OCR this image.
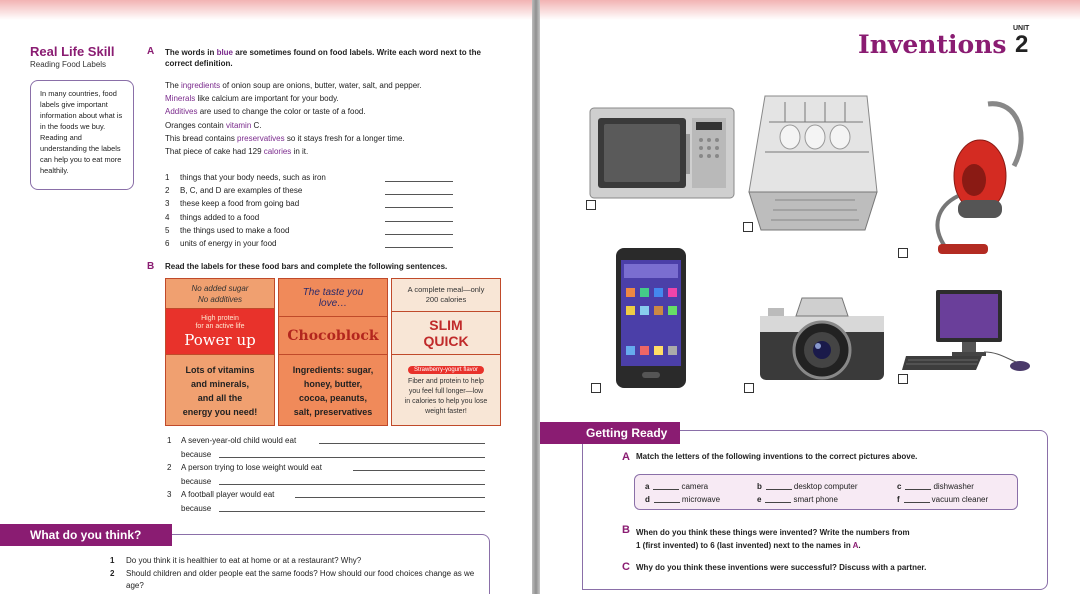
Real Life Skill
Reading Food Labels
In many countries, food labels give important information about what is in the foods we buy. Reading and understanding the labels can help you to eat more healthily.
A The words in blue are sometimes found on food labels. Write each word next to the correct definition.
The ingredients of onion soup are onions, butter, water, salt, and pepper.
Minerals like calcium are important for your body.
Additives are used to change the color or taste of a food.
Oranges contain vitamin C.
This bread contains preservatives so it stays fresh for a longer time.
That piece of cake had 129 calories in it.
1	things that your body needs, such as iron
2	B, C, and D are examples of these
3	these keep a food from going bad
4	things added to a food
5	the things used to make a food
6	units of energy in your food
B Read the labels for these food bars and complete the following sentences.
No added sugar
No additives
High protein
for an active life
Power up
Lots of vitamins
and minerals,
and all the
energy you need!
The taste you
love…
Chocoblock
Ingredients: sugar,
honey, butter,
cocoa, peanuts,
salt, preservatives
A complete meal—only
200 calories
SLIM
QUICK
Strawberry-yogurt flavor
Fiber and protein to help
you feel full longer—low
in calories to help you lose
weight faster!
1 A seven-year-old child would eat
because
2 A person trying to lose weight would eat
because
3 A football player would eat
because
What do you think?
1 Do you think it is healthier to eat at home or at a restaurant? Why?
2 Should children and older people eat the same foods? How should our food choices change as we age?
Inventions
UNIT
2
Getting Ready
A Match the letters of the following inventions to the correct pictures above.
a	camera	b	desktop computer	c	dishwasher
d	microwave	e	smart phone	f	vacuum cleaner
B When do you think these things were invented? Write the numbers from
1 (first invented) to 6 (last invented) next to the names in A.
C Why do you think these inventions were successful? Discuss with a partner.
